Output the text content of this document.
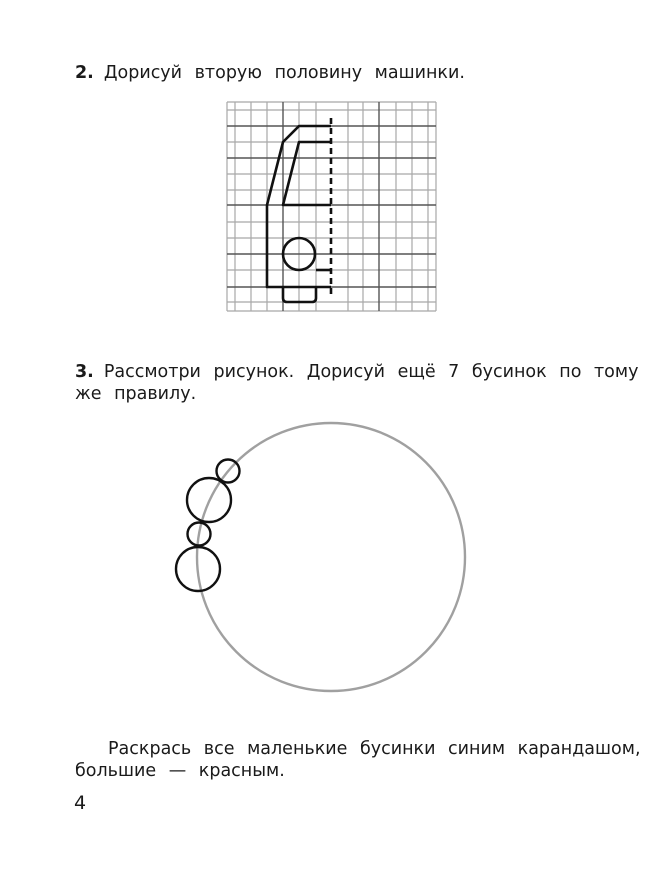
2. Дорисуй вторую половину машинки.
3. Рассмотри рисунок. Дорисуй ещё 7 бусинок по тому
же правилу.
Раскрась все маленькие бусинки синим карандашом,
большие — красным.
4
